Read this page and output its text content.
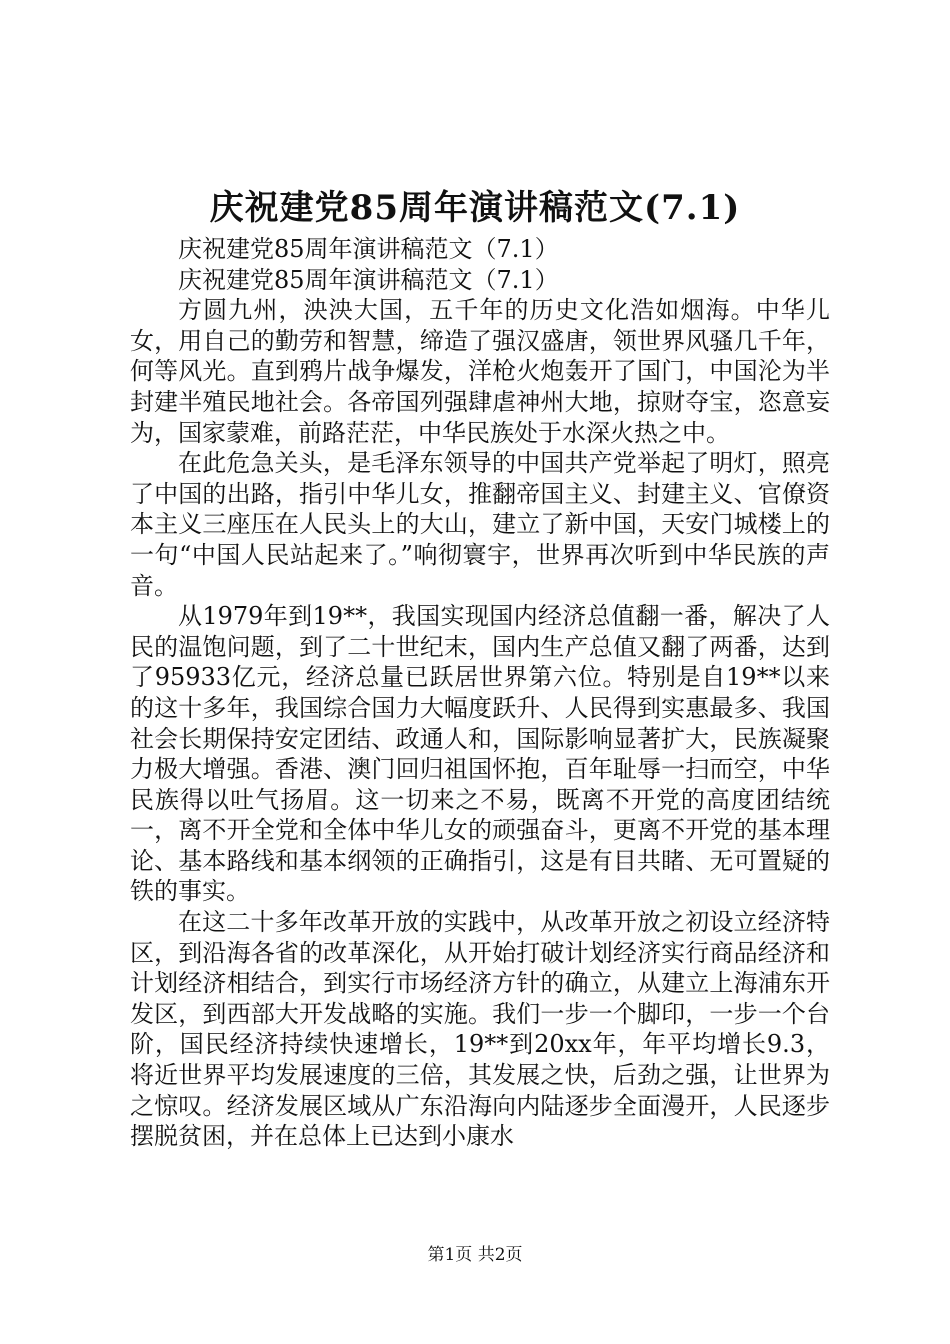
庆祝建党85周年演讲稿范文(7.1)

庆祝建党85周年演讲稿范文（7.1）

庆祝建党85周年演讲稿范文（7.1）

方圆九州，泱泱大国，五千年的历史文化浩如烟海。中华儿女，用自己的勤劳和智慧，缔造了强汉盛唐，领世界风骚几千年，何等风光。直到鸦片战争爆发，洋枪火炮轰开了国门，中国沦为半封建半殖民地社会。各帝国列强肆虐神州大地，掠财夺宝，恣意妄为，国家蒙难，前路茫茫，中华民族处于水深火热之中。

在此危急关头，是毛泽东领导的中国共产党举起了明灯，照亮了中国的出路，指引中华儿女，推翻帝国主义、封建主义、官僚资本主义三座压在人民头上的大山，建立了新中国，天安门城楼上的一句“中国人民站起来了。”响彻寰宇，世界再次听到中华民族的声音。

从1979年到19**，我国实现国内经济总值翻一番，解决了人民的温饱问题，到了二十世纪末，国内生产总值又翻了两番，达到了95933亿元，经济总量已跃居世界第六位。特别是自19**以来的这十多年，我国综合国力大幅度跃升、人民得到实惠最多、我国社会长期保持安定团结、政通人和，国际影响显著扩大，民族凝聚力极大增强。香港、澳门回归祖国怀抱，百年耻辱一扫而空，中华民族得以吐气扬眉。这一切来之不易，既离不开党的高度团结统一，离不开全党和全体中华儿女的顽强奋斗，更离不开党的基本理论、基本路线和基本纲领的正确指引，这是有目共睹、无可置疑的铁的事实。

在这二十多年改革开放的实践中，从改革开放之初设立经济特区，到沿海各省的改革深化，从开始打破计划经济实行商品经济和计划经济相结合，到实行市场经济方针的确立，从建立上海浦东开发区，到西部大开发战略的实施。我们一步一个脚印，一步一个台阶，国民经济持续快速增长，19**到20xx年，年平均增长9.3，将近世界平均发展速度的三倍，其发展之快，后劲之强，让世界为之惊叹。经济发展区域从广东沿海向内陆逐步全面漫开，人民逐步摆脱贫困，并在总体上已达到小康水

第1页 共2页
